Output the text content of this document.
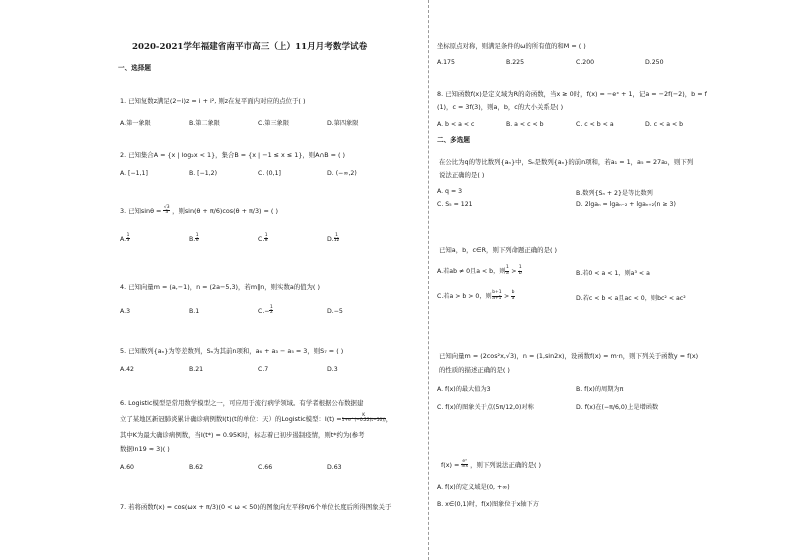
2020-2021学年福建省南平市高三（上）11月月考数学试卷
一、选择题
1. 已知复数z满足(2−i)z = i + i², 则z在复平面内对应的点位于( )
A.第一象限	B.第二象限	C.第三象限	D.第四象限
2. 已知集合A = {x | log₂x < 1}，集合B = {x | −1 ≤ x ≤ 1}，则A∩B = ( )
A. [−1,1]	B. [−1,2)	C. (0,1]	D. (−∞,2)
3. 已知$\sin\theta = \frac{√3}{3}$ ，则sin(θ + π/6)cos(θ + π/3) = ( )
A. $\frac{1}{3}$	B. $\frac{1}{6}$	C. $\frac{1}{8}$	D. $\frac{1}{12}$
4. 已知向量m = (a,−1)，n = (2a−5,3)，若m∥n，则实数a的值为( )
A.3	B.1	$C.- \frac{1}{2}$	D.−5
5. 已知数列{aₙ}为等差数列，Sₙ为其前n项和，a₆ + a₃ − a₅ = 3，则S₇ = ( )
A.42	B.21	C.7	D.3
6. Logistic模型是常用数学模型之一，可应用于流行病学领域。有学者根据公布数据建
立了某地区新冠肺炎累计确诊病例数I(t)(t的单位：天）的Logistic模型：$I(t) = \frac{K}{1+e\^{}(-0.22(t-50))}$ ，
其中K为最大确诊病例数，当I(t*) = 0.95K时，标志着已初步遏制疫情，则t*约为(参考
数据ln19 ≈ 3)( )
A.60	B.62	C.66	D.63
7. 若将函数f(x) = cos(ωx + π/3)(0 < ω < 50)的图象向左平移π/6个单位长度后所得图象关于
坐标原点对称，则满足条件的ω的所有值的和M = ( )
A.175	B.225	C.200	D.250
8. 已知函数f(x)是定义域为R的奇函数，当x ≥ 0时，f(x) = −eˣ + 1，记a = −2f(−2)，b = f
(1)，c = 3f(3)，则a，b，c的大小关系是( )
A. b < a < c	B. a < c < b	C. c < b < a	D. c < a < b
二、多选题
在公比为q的等比数列{aₙ}中，Sₙ是数列{aₙ}的前n项和，若a₁ = 1，a₅ = 27a₂，则下列
说法正确的是( )
A. q = 3	B.数列{Sₙ + 2}是等比数列
C. S₅ = 121	D. 2lgaₙ = lgaₙ₋₂ + lgaₙ₊₂(n ≥ 3)
已知a，b，c∈R，则下列命题正确的是( )
A.若ab ≠ 0且a < b，则 $\frac{1}{a} > \frac{1}{b}$	B.若0 < a < 1，则a³ < a
C.若a > b > 0，则 $\frac{b+1}{a+1} > \frac{b}{a}$	D.若c < b < a且ac < 0，则bc² < ac²
已知向量m = (2cos²x,√3)，n = (1,sin2x)，设函数f(x) = m·n，则下列关于函数y = f(x)
的性质的描述正确的是( )
A. f(x)的最大值为3	B. f(x)的周期为π
C. f(x)的图象关于点(5π/12,0)对称	D. f(x)在(−π/6,0)上是增函数
$f(x) = \frac{\text{eˣ}}{\ln x}$ ，则下列说法正确的是( )
A. f(x)的定义域是(0, +∞)
B. x∈(0,1)时，f(x)图象位于x轴下方
